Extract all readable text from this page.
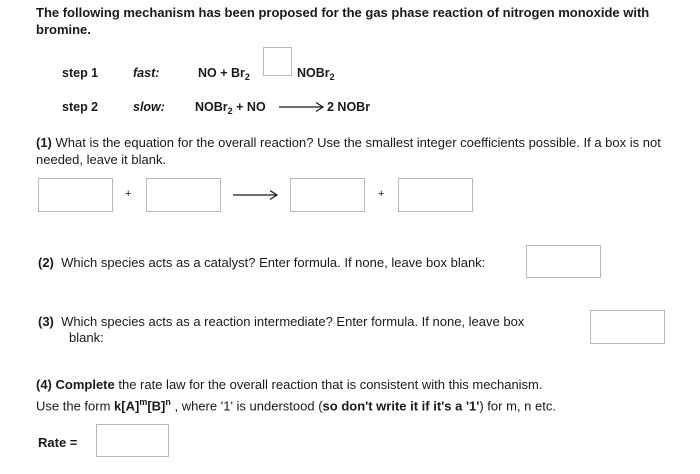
The following mechanism has been proposed for the gas phase reaction of nitrogen monoxide with bromine.
step 1	fast:	NO + $Br_2$	NOBr$_2$
step 2	slow: NOBr$_2$ + NO	2 NOBr
(1) What is the equation for the overall reaction? Use the smallest integer coefficients possible. If a box is not needed, leave it blank.
+	+
(2) Which species acts as a catalyst? Enter formula. If none, leave box blank:
(3) Which species acts as a reaction intermediate? Enter formula. If none, leave box
blank:
(4) Complete the rate law for the overall reaction that is consistent with this mechanism.
Use the form $k[A]^m[B]^n$ , where '1' is understood (so don't write it if it's a '1') for m, n etc.
Rate =
